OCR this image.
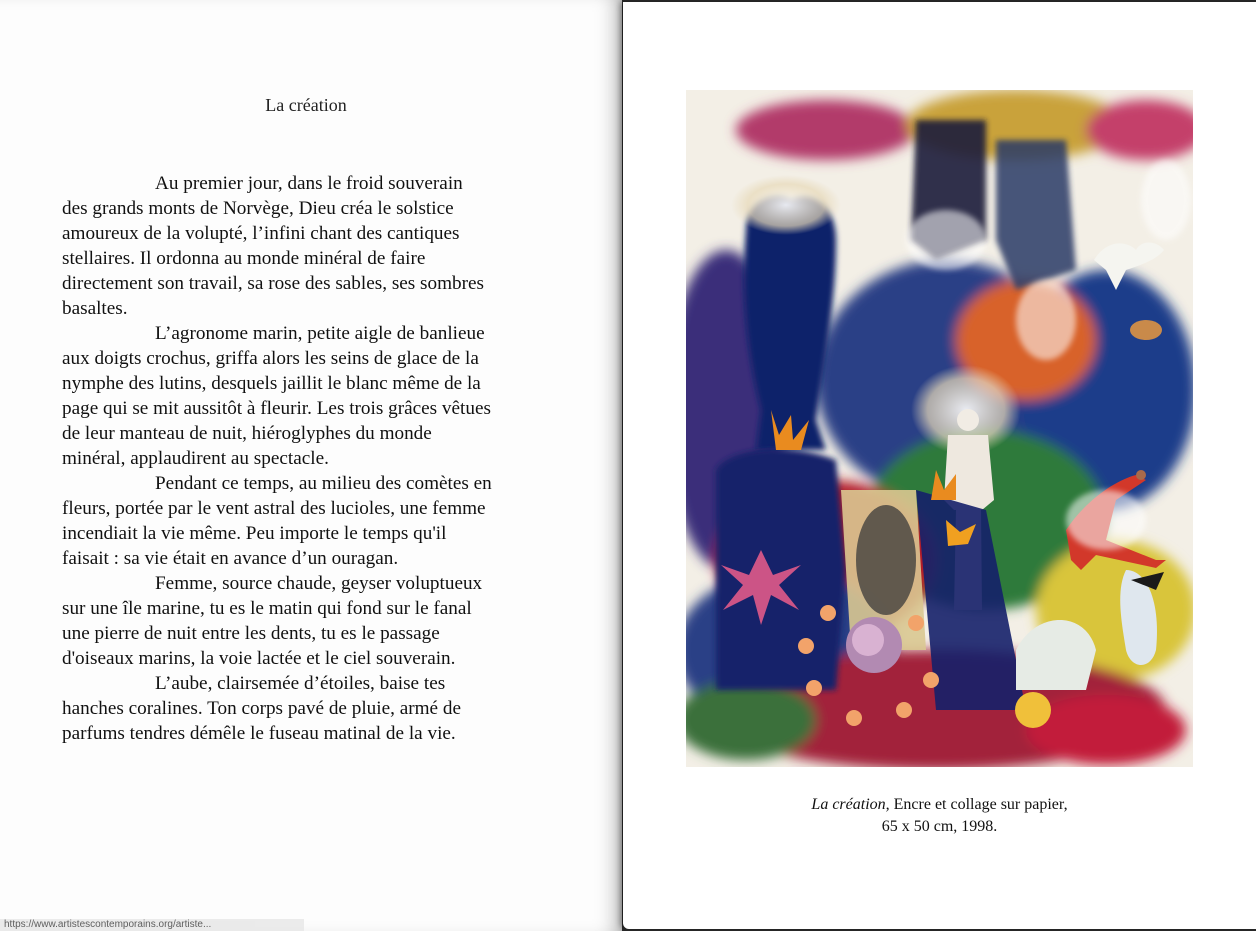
La création

Au premier jour, dans le froid souverain
des grands monts de Norvège, Dieu créa le solstice
amoureux de la volupté, l’infini chant des cantiques
stellaires. Il ordonna au monde minéral de faire
directement son travail, sa rose des sables, ses sombres
basaltes.

L’agronome marin, petite aigle de banlieue
aux doigts crochus, griffa alors les seins de glace de la
nymphe des lutins, desquels jaillit le blanc même de la
page qui se mit aussitôt à fleurir. Les trois grâces vêtues
de leur manteau de nuit, hiéroglyphes du monde
minéral, applaudirent au spectacle.

Pendant ce temps, au milieu des comètes en
fleurs, portée par le vent astral des lucioles, une femme
incendiait la vie même. Peu importe le temps qu'il
faisait : sa vie était en avance d’un ouragan.

Femme, source chaude, geyser voluptueux
sur une île marine, tu es le matin qui fond sur le fanal
une pierre de nuit entre les dents, tu es le passage
d'oiseaux marins, la voie lactée et le ciel souverain.

L’aube, clairsemée d’étoiles, baise tes
hanches coralines. Ton corps pavé de pluie, armé de
parfums tendres démêle le fuseau matinal de la vie.

https://www.artistescontemporains.org/artiste...
La création, Encre et collage sur papier,
65 x 50 cm, 1998.
